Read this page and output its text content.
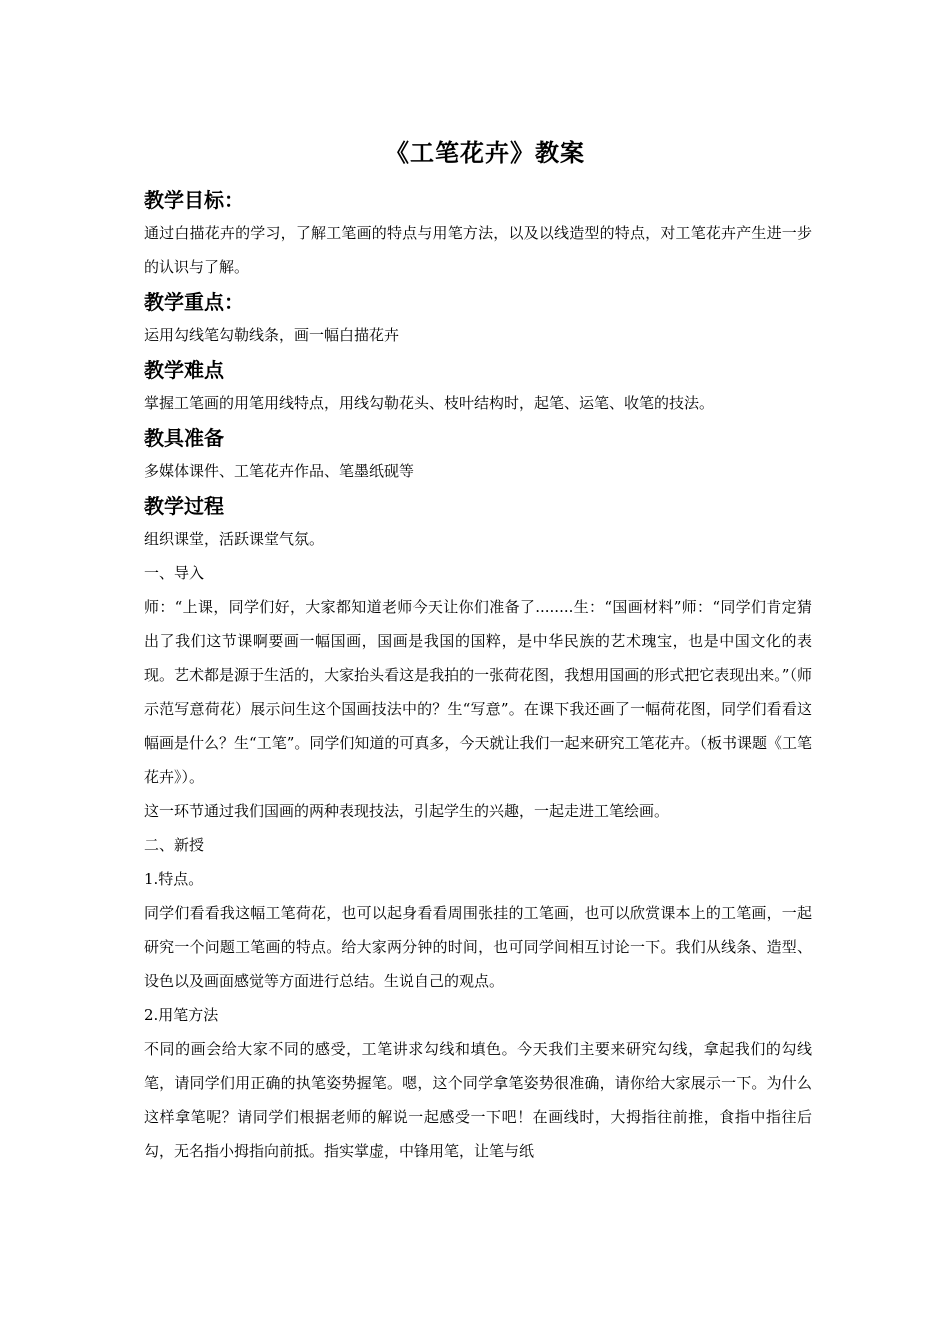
《工笔花卉》教案

教学目标：

通过白描花卉的学习，了解工笔画的特点与用笔方法，以及以线造型的特点，对工笔花卉产生进一步的认识与了解。

教学重点：

运用勾线笔勾勒线条，画一幅白描花卉

教学难点

掌握工笔画的用笔用线特点，用线勾勒花头、枝叶结构时，起笔、运笔、收笔的技法。

教具准备

多媒体课件、工笔花卉作品、笔墨纸砚等

教学过程

组织课堂，活跃课堂气氛。

一、导入

师：“上课，同学们好，大家都知道老师今天让你们准备了........生：“国画材料”师：“同学们肯定猜出了我们这节课啊要画一幅国画，国画是我国的国粹，是中华民族的艺术瑰宝，也是中国文化的表现。艺术都是源于生活的，大家抬头看这是我拍的一张荷花图，我想用国画的形式把它表现出来。”（师示范写意荷花）展示问生这个国画技法中的？生“写意”。在课下我还画了一幅荷花图，同学们看看这幅画是什么？生“工笔”。同学们知道的可真多，今天就让我们一起来研究工笔花卉。（板书课题《工笔花卉》）。

这一环节通过我们国画的两种表现技法，引起学生的兴趣，一起走进工笔绘画。

二、新授

1.特点。

同学们看看我这幅工笔荷花，也可以起身看看周围张挂的工笔画，也可以欣赏课本上的工笔画，一起研究一个问题工笔画的特点。给大家两分钟的时间，也可同学间相互讨论一下。我们从线条、造型、设色以及画面感觉等方面进行总结。生说自己的观点。

2.用笔方法

不同的画会给大家不同的感受，工笔讲求勾线和填色。今天我们主要来研究勾线，拿起我们的勾线笔，请同学们用正确的执笔姿势握笔。嗯，这个同学拿笔姿势很准确，请你给大家展示一下。为什么这样拿笔呢？请同学们根据老师的解说一起感受一下吧！在画线时，大拇指往前推，食指中指往后勾，无名指小拇指向前抵。指实掌虚，中锋用笔，让笔与纸
